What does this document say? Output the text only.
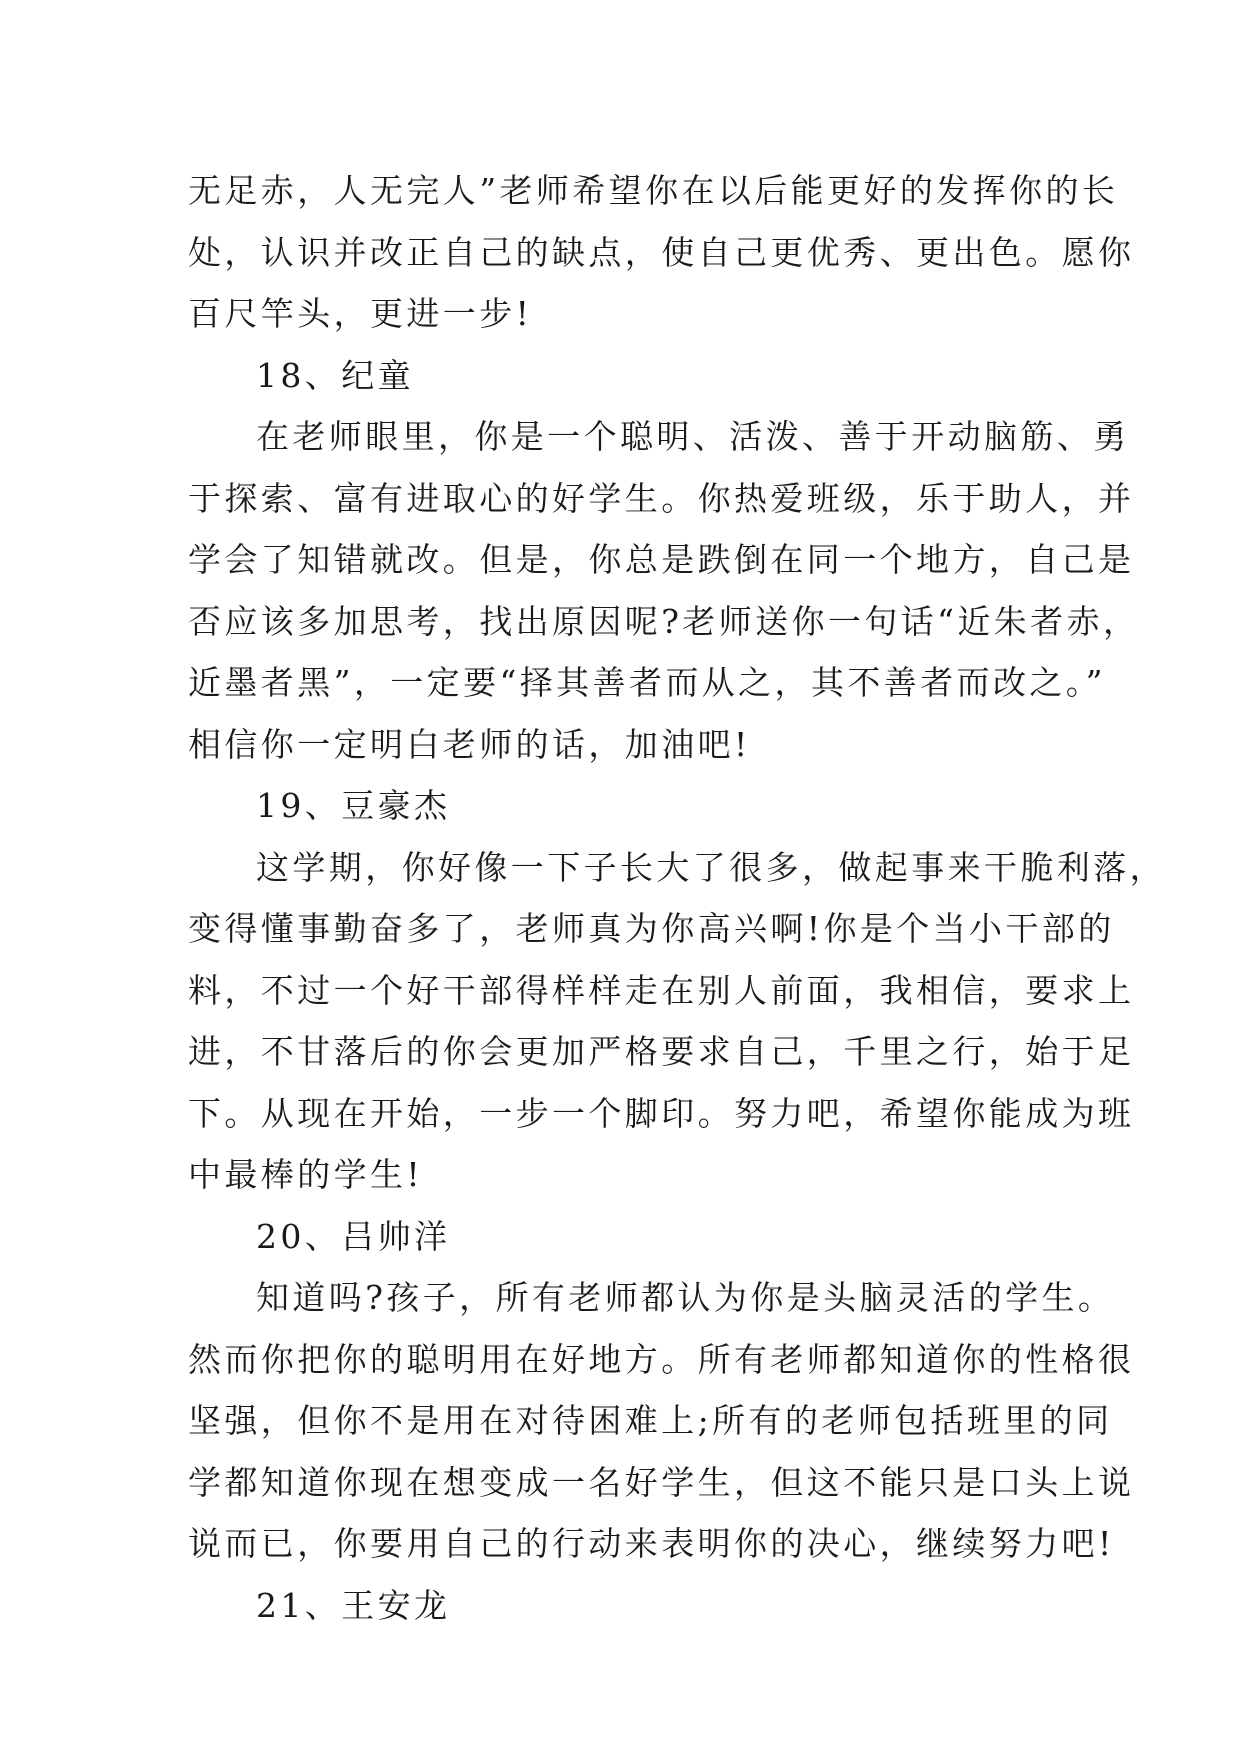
无足赤，人无完人”老师希望你在以后能更好的发挥你的长
处，认识并改正自己的缺点，使自己更优秀、更出色。愿你
百尺竿头，更进一步!
18、纪童
在老师眼里，你是一个聪明、活泼、善于开动脑筋、勇
于探索、富有进取心的好学生。你热爱班级，乐于助人，并
学会了知错就改。但是，你总是跌倒在同一个地方，自己是
否应该多加思考，找出原因呢?老师送你一句话“近朱者赤，
近墨者黑”，一定要“择其善者而从之，其不善者而改之。”
相信你一定明白老师的话，加油吧!
19、豆豪杰
这学期，你好像一下子长大了很多，做起事来干脆利落，
变得懂事勤奋多了，老师真为你高兴啊!你是个当小干部的
料，不过一个好干部得样样走在别人前面，我相信，要求上
进，不甘落后的你会更加严格要求自己，千里之行，始于足
下。从现在开始，一步一个脚印。努力吧，希望你能成为班
中最棒的学生!
20、吕帅洋
知道吗?孩子，所有老师都认为你是头脑灵活的学生。
然而你把你的聪明用在好地方。所有老师都知道你的性格很
坚强，但你不是用在对待困难上;所有的老师包括班里的同
学都知道你现在想变成一名好学生，但这不能只是口头上说
说而已，你要用自己的行动来表明你的决心，继续努力吧!
21、王安龙
